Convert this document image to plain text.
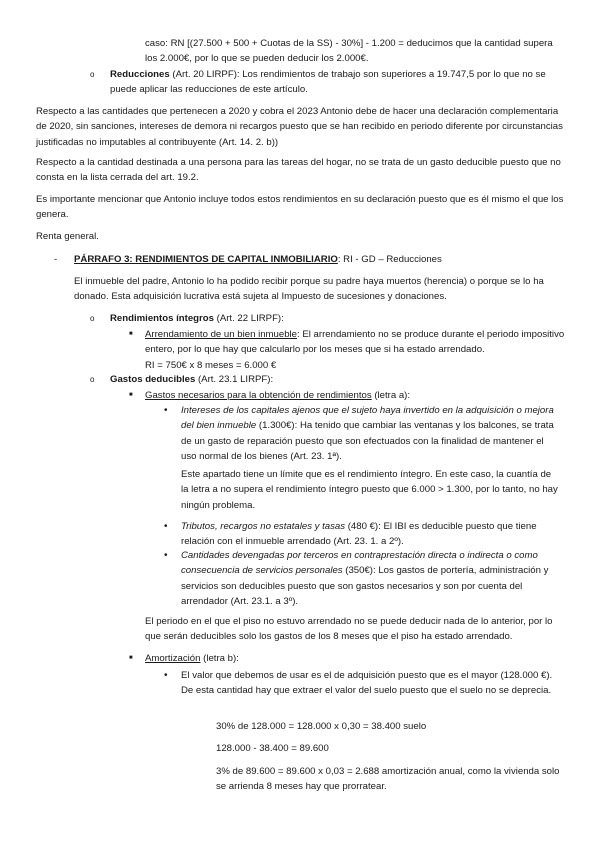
caso: RN [(27.500 + 500 + Cuotas de la SS) - 30%] - 1.200 = deducimos que la cantidad supera los 2.000€, por lo que se pueden deducir los 2.000€.
o Reducciones (Art. 20 LIRPF): Los rendimientos de trabajo son superiores a 19.747,5 por lo que no se puede aplicar las reducciones de este artículo.
Respecto a las cantidades que pertenecen a 2020 y cobra el 2023 Antonio debe de hacer una declaración complementaria de 2020, sin sanciones, intereses de demora ni recargos puesto que se han recibido en periodo diferente por circunstancias justificadas no imputables al contribuyente (Art. 14. 2. b))
Respecto a la cantidad destinada a una persona para las tareas del hogar, no se trata de un gasto deducible puesto que no consta en la lista cerrada del art. 19.2.
Es importante mencionar que Antonio incluye todos estos rendimientos en su declaración puesto que es él mismo el que los genera.
Renta general.
- PÁRRAFO 3: RENDIMIENTOS DE CAPITAL INMOBILIARIO: RI - GD – Reducciones
El inmueble del padre, Antonio lo ha podido recibir porque su padre haya muertos (herencia) o porque se lo ha donado. Esta adquisición lucrativa está sujeta al Impuesto de sucesiones y donaciones.
o Rendimientos íntegros (Art. 22 LIRPF):
■ Arrendamiento de un bien inmueble: El arrendamiento no se produce durante el periodo impositivo entero, por lo que hay que calcularlo por los meses que si ha estado arrendado.
RI = 750€ x 8 meses = 6.000 €
o Gastos deducibles (Art. 23.1 LIRPF):
■ Gastos necesarios para la obtención de rendimientos (letra a):
• Intereses de los capitales ajenos que el sujeto haya invertido en la adquisición o mejora del bien inmueble (1.300€): Ha tenido que cambiar las ventanas y los balcones, se trata de un gasto de reparación puesto que son efectuados con la finalidad de mantener el uso normal de los bienes (Art. 23. 1ª).
Este apartado tiene un límite que es el rendimiento íntegro. En este caso, la cuantía de la letra a no supera el rendimiento íntegro puesto que 6.000 > 1.300, por lo tanto, no hay ningún problema.
• Tributos, recargos no estatales y tasas (480 €): El IBI es deducible puesto que tiene relación con el inmueble arrendado (Art. 23. 1. a 2º).
• Cantidades devengadas por terceros en contraprestación directa o indirecta o como consecuencia de servicios personales (350€): Los gastos de portería, administración y servicios son deducibles puesto que son gastos necesarios y son por cuenta del arrendador (Art. 23.1. a 3º).
El periodo en el que el piso no estuvo arrendado no se puede deducir nada de lo anterior, por lo que serán deducibles solo los gastos de los 8 meses que el piso ha estado arrendado.
■ Amortización (letra b):
• El valor que debemos de usar es el de adquisición puesto que es el mayor (128.000 €). De esta cantidad hay que extraer el valor del suelo puesto que el suelo no se deprecia.
30% de 128.000 = 128.000 x 0,30 = 38.400 suelo
128.000 - 38.400 = 89.600
3% de 89.600 = 89.600 x 0,03 = 2.688 amortización anual, como la vivienda solo se arrienda 8 meses hay que prorratear.
